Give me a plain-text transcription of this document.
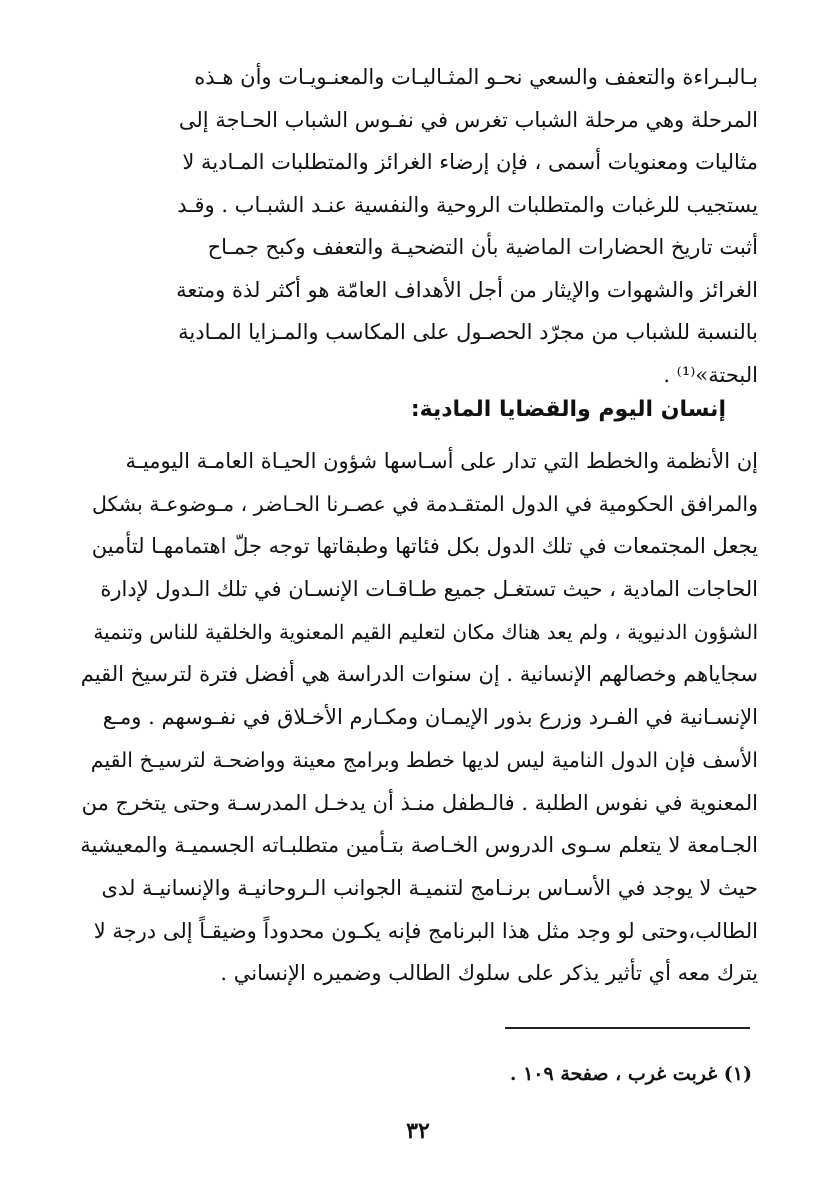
بـالبـراءة والتعفف والسعي نحـو المثـاليـات والمعنـويـات وأن هـذه
المرحلة وهي مرحلة الشباب تغرس في نفـوس الشباب الحـاجة إلى
مثاليات ومعنويات أسمى ، فإن إرضاء الغرائز والمتطلبات المـادية لا
يستجيب للرغبات والمتطلبات الروحية والنفسية عنـد الشبـاب . وقـد
أثبت تاريخ الحضارات الماضية بأن التضحيـة والتعفف وكبح جمـاح
الغرائز والشهوات والإيثار من أجل الأهداف العامّة هو أكثر لذة ومتعة
بالنسبة للشباب من مجرّد الحصـول على المكاسب والمـزايا المـادية
البحتة»⁽¹⁾ .
إنسان اليوم والقضايا المادية:
إن الأنظمة والخطط التي تدار على أسـاسها شؤون الحيـاة العامـة اليوميـة
والمرافق الحكومية في الدول المتقـدمة في عصـرنا الحـاضر ، مـوضوعـة بشكل
يجعل المجتمعات في تلك الدول بكل فئاتها وطبقاتها توجه جلّ اهتمامهـا لتأمين
الحاجات المادية ، حيث تستغـل جميع طـاقـات الإنسـان في تلك الـدول لإدارة
الشؤون الدنيوية ، ولم يعد هناك مكان لتعليم القيم المعنوية والخلقية للناس وتنمية
سجاياهم وخصالهم الإنسانية . إن سنوات الدراسة هي أفضل فترة لترسيخ القيم
الإنسـانية في الفـرد وزرع بذور الإيمـان ومكـارم الأخـلاق في نفـوسهم . ومـع
الأسف فإن الدول النامية ليس لديها خطط وبرامج معينة وواضحـة لترسيـخ القيم
المعنوية في نفوس الطلبة . فالـطفل منـذ أن يدخـل المدرسـة وحتى يتخرج من
الجـامعة لا يتعلم سـوى الدروس الخـاصة بتـأمين متطلبـاته الجسميـة والمعيشية
حيث لا يوجد في الأسـاس برنـامج لتنميـة الجوانب الـروحانيـة والإنسانيـة لدى
الطالب،وحتى لو وجد مثل هذا البرنامج فإنه يكـون محدوداً وضيقـاً إلى درجة لا
يترك معه أي تأثير يذكر على سلوك الطالب وضميره الإنساني .
(١) غربت غرب ، صفحة ١٠٩ .
٣٢
